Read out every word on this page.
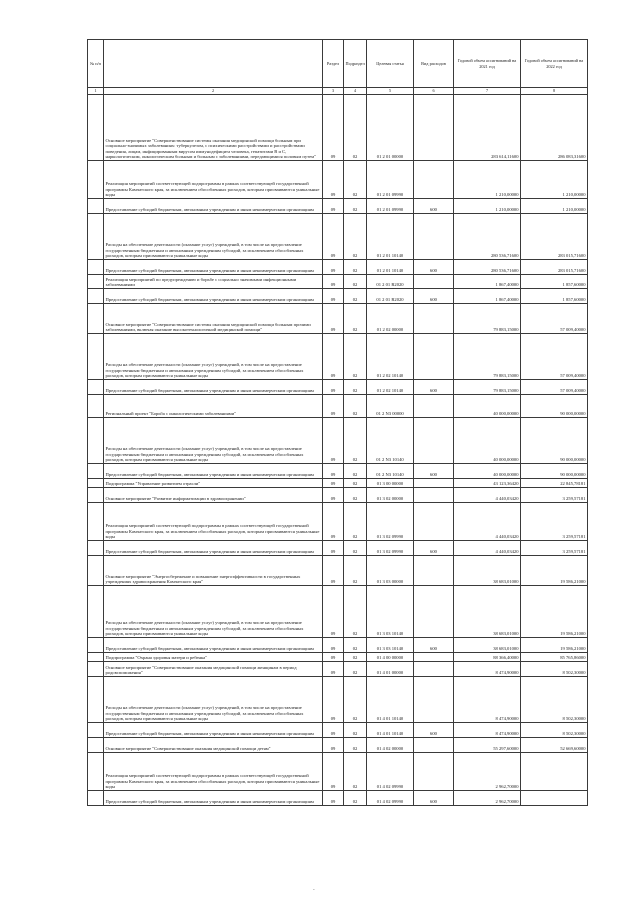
№ п/п		Раздел	Подраздел	Целевая статья	Вид расходов	Годовой объем ассигнований на 2021 год	Годовой объем ассигнований на 2022 год
1	2	3	4	5	6	7	8
	Основное мероприятие "Совершенствование системы оказания медицинской помощи больным при социально-значимых заболеваниях: туберкулезом, с психическими расстройствами и расстройствами поведения, лицам, инфицированным вирусом иммунодефицита человека, гепатитами В и С, наркологическим, онкологическим больным и больным с заболеваниями, передающимися половым путем"	09	02	01 2 01 00000		283 614,11600	286 083,31600
	Реализация мероприятий соответствующей подпрограммы в рамках соответствующей государственной программы Камчатского края, за исключением обособленных расходов, которым присваиваются уникальные коды	09	02	01 2 01 09990		1 210,00000	1 210,00000
	Предоставление субсидий бюджетным, автономным учреждениям и иным некоммерческим организациям	09	02	01 2 01 09990	600	1 210,00000	1 210,00000
	Расходы на обеспечение деятельности (оказание услуг) учреждений, в том числе на предоставление государственным бюджетным и автономным учреждениям субсидий, за исключением обособленных расходов, которым присваиваются уникальные коды	09	02	01 2 01 10140		280 536,71600	283 015,71600
	Предоставление субсидий бюджетным, автономным учреждениям и иным некоммерческим организациям	09	02	01 2 01 10140	600	280 536,71600	283 015,71600
	Реализация мероприятий по предупреждению и борьбе с социально значимыми инфекционными заболеваниями	09	02	01 2 01 R2020		1 867,40000	1 857,60000
	Предоставление субсидий бюджетным, автономным учреждениям и иным некоммерческим организациям	09	02	01 2 01 R2020	600	1 867,40000	1 857,60000
	Основное мероприятие "Совершенствование системы оказания медицинской помощи больным прочими заболеваниями, включая оказание высокотехнологичной медицинской помощи"	09	02	01 2 02 00000		79 883,15000	57 009,40000
	Расходы на обеспечение деятельности (оказание услуг) учреждений, в том числе на предоставление государственным бюджетным и автономным учреждениям субсидий, за исключением обособленных расходов, которым присваиваются уникальные коды	09	02	01 2 02 10140		79 883,15000	57 009,40000
	Предоставление субсидий бюджетным, автономным учреждениям и иным некоммерческим организациям	09	02	01 2 02 10140	600	79 883,15000	57 009,40000
	Региональный проект "Борьба с онкологическими заболеваниями"	09	02	01 2 N3 00000		40 000,00000	90 000,00000
	Расходы на обеспечение деятельности (оказание услуг) учреждений, в том числе на предоставление государственным бюджетным и автономным учреждениям субсидий, за исключением обособленных расходов, которым присваиваются уникальные коды	09	02	01 2 N3 10140		40 000,00000	90 000,00000
	Предоставление субсидий бюджетным, автономным учреждениям и иным некоммерческим организациям	09	02	01 2 N3 10140	600	40 000,00000	90 000,00000
	Подпрограмма "Управление развитием отрасли"	09	02	01 3 00 00000		43 123,36420	22 845,78181
	Основное мероприятие "Развитие информатизации в здравоохранении"	09	02	01 3 02 00000		4 440,03420	3 259,57181
	Реализация мероприятий соответствующей подпрограммы в рамках соответствующей государственной программы Камчатского края, за исключением обособленных расходов, которым присваиваются уникальные коды	09	02	01 3 02 09990		4 440,03420	3 259,57181
	Предоставление субсидий бюджетным, автономным учреждениям и иным некоммерческим организациям	09	02	01 3 02 09990	600	4 440,03420	3 259,57181
	Основное мероприятие "Энергосбережение и повышение энергоэффективности в государственных учреждениях здравоохранения Камчатского края"	09	02	01 3 03 00000		38 683,01000	19 586,21000
	Расходы на обеспечение деятельности (оказание услуг) учреждений, в том числе на предоставление государственным бюджетным и автономным учреждениям субсидий, за исключением обособленных расходов, которым присваиваются уникальные коды	09	02	01 3 03 10140		38 683,01000	19 586,21000
	Предоставление субсидий бюджетным, автономным учреждениям и иным некоммерческим организациям	09	02	01 3 03 10140	600	38 683,01000	19 586,21000
	Подпрограмма "Охрана здоровья матери и ребенка"	09	02	01 4 00 00000		88 366,40000	85 765,86000
	Основное мероприятие "Совершенствование оказания медицинской помощи женщинам в период родовспоможения"	09	02	01 4 01 00000		8 474,90000	8 502,30000
	Расходы на обеспечение деятельности (оказание услуг) учреждений, в том числе на предоставление государственным бюджетным и автономным учреждениям субсидий, за исключением обособленных расходов, которым присваиваются уникальные коды	09	02	01 4 01 10140		8 474,90000	8 502,30000
	Предоставление субсидий бюджетным, автономным учреждениям и иным некоммерческим организациям	09	02	01 4 01 10140	600	8 474,90000	8 502,30000
	Основное мероприятие "Совершенствование оказания медицинской помощи детям"	09	02	01 4 02 00000		55 297,60000	52 669,60000
	Реализация мероприятий соответствующей подпрограммы в рамках соответствующей государственной программы Камчатского края, за исключением обособленных расходов, которым присваиваются уникальные коды	09	02	01 4 02 09990		2 962,70000	
	Предоставление субсидий бюджетным, автономным учреждениям и иным некоммерческим организациям	09	02	01 4 02 09990	600	2 962,70000	
-
